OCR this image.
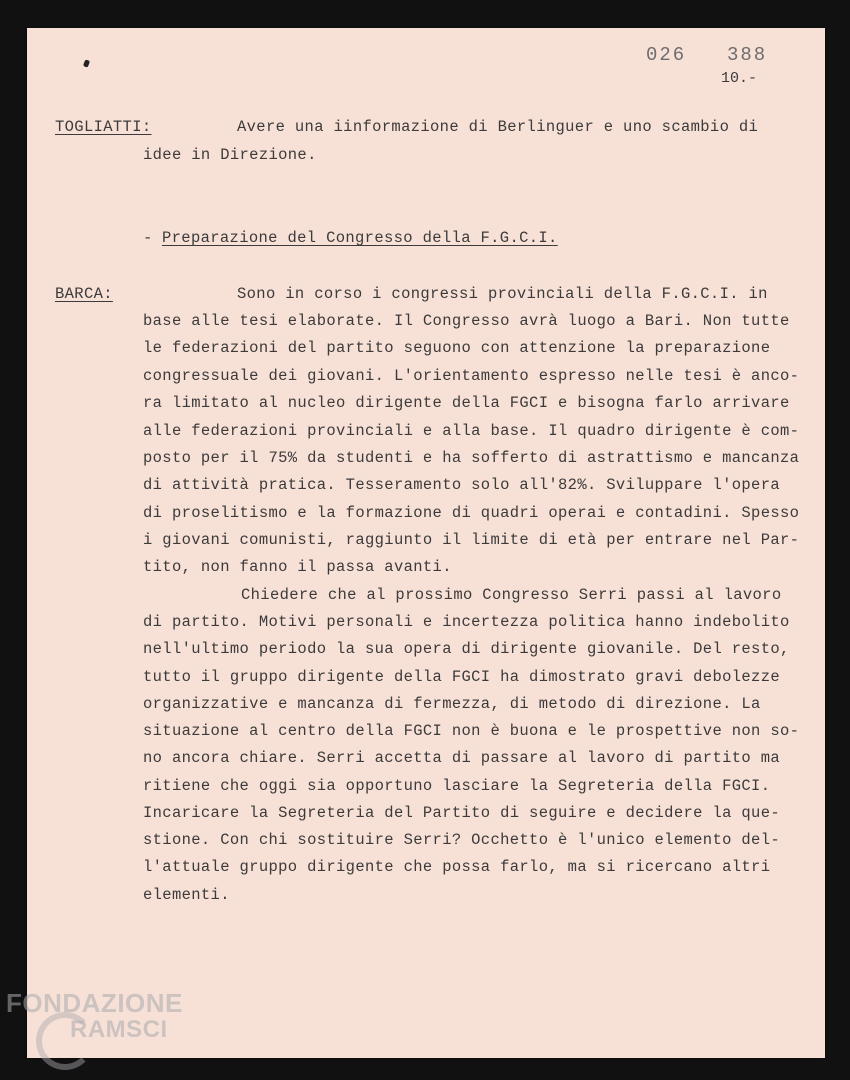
026 388
10.-
TOGLIATTI:	Avere una iinformazione di Berlinguer e uno scambio di
idee in Direzione.
- Preparazione del Congresso della F.G.C.I.
BARCA:	Sono in corso i congressi provinciali della F.G.C.I. in
base alle tesi elaborate. Il Congresso avrà luogo a Bari. Non tutte
le federazioni del partito seguono con attenzione la preparazione
congressuale dei giovani. L'orientamento espresso nelle tesi è anco-
ra limitato al nucleo dirigente della FGCI e bisogna farlo arrivare
alle federazioni provinciali e alla base. Il quadro dirigente è com-
posto per il 75% da studenti e ha sofferto di astrattismo e mancanza
di attività pratica. Tesseramento solo all'82%. Sviluppare l'opera
di proselitismo e la formazione di quadri operai e contadini. Spesso
i giovani comunisti, raggiunto il limite di età per entrare nel Par-
tito, non fanno il passa avanti.
Chiedere che al prossimo Congresso Serri passi al lavoro
di partito. Motivi personali e incertezza politica hanno indebolito
nell'ultimo periodo la sua opera di dirigente giovanile. Del resto,
tutto il gruppo dirigente della FGCI ha dimostrato gravi debolezze
organizzative e mancanza di fermezza, di metodo di direzione. La
situazione al centro della FGCI non è buona e le prospettive non so-
no ancora chiare. Serri accetta di passare al lavoro di partito ma
ritiene che oggi sia opportuno lasciare la Segreteria della FGCI.
Incaricare la Segreteria del Partito di seguire e decidere la que-
stione. Con chi sostituire Serri? Occhetto è l'unico elemento del-
l'attuale gruppo dirigente che possa farlo, ma si ricercano altri
elementi.
FONDAZIONE
RAMSCI
